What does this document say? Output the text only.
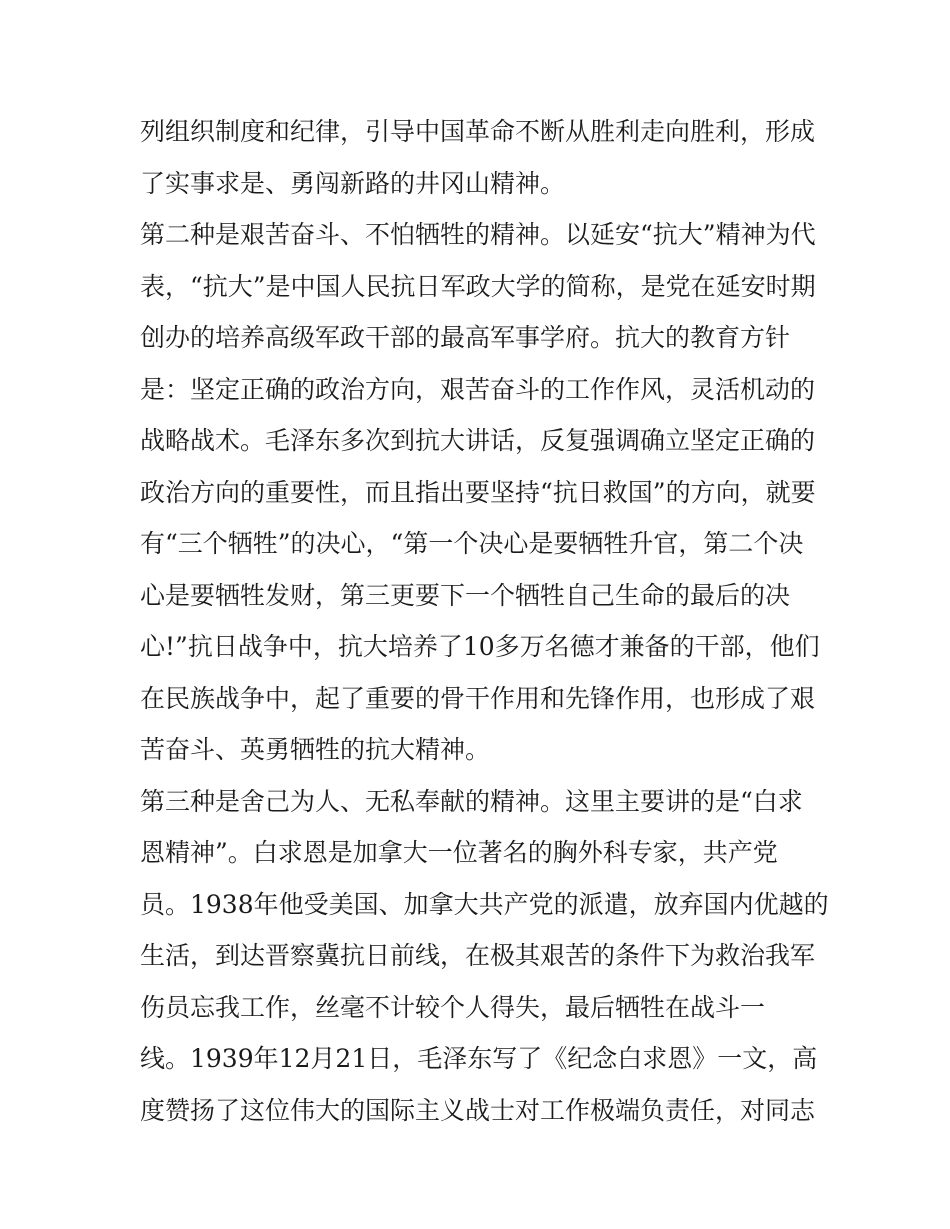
列组织制度和纪律，引导中国革命不断从胜利走向胜利，形成
了实事求是、勇闯新路的井冈山精神。
第二种是艰苦奋斗、不怕牺牲的精神。以延安“抗大”精神为代
表，“抗大”是中国人民抗日军政大学的简称，是党在延安时期
创办的培养高级军政干部的最高军事学府。抗大的教育方针
是：坚定正确的政治方向，艰苦奋斗的工作作风，灵活机动的
战略战术。毛泽东多次到抗大讲话，反复强调确立坚定正确的
政治方向的重要性，而且指出要坚持“抗日救国”的方向，就要
有“三个牺牲”的决心，“第一个决心是要牺牲升官，第二个决
心是要牺牲发财，第三更要下一个牺牲自己生命的最后的决
心!”抗日战争中，抗大培养了10多万名德才兼备的干部，他们
在民族战争中，起了重要的骨干作用和先锋作用，也形成了艰
苦奋斗、英勇牺牲的抗大精神。
第三种是舍己为人、无私奉献的精神。这里主要讲的是“白求
恩精神”。白求恩是加拿大一位著名的胸外科专家，共产党
员。1938年他受美国、加拿大共产党的派遣，放弃国内优越的
生活，到达晋察冀抗日前线，在极其艰苦的条件下为救治我军
伤员忘我工作，丝毫不计较个人得失，最后牺牲在战斗一
线。1939年12月21日，毛泽东写了《纪念白求恩》一文，高
度赞扬了这位伟大的国际主义战士对工作极端负责任，对同志
